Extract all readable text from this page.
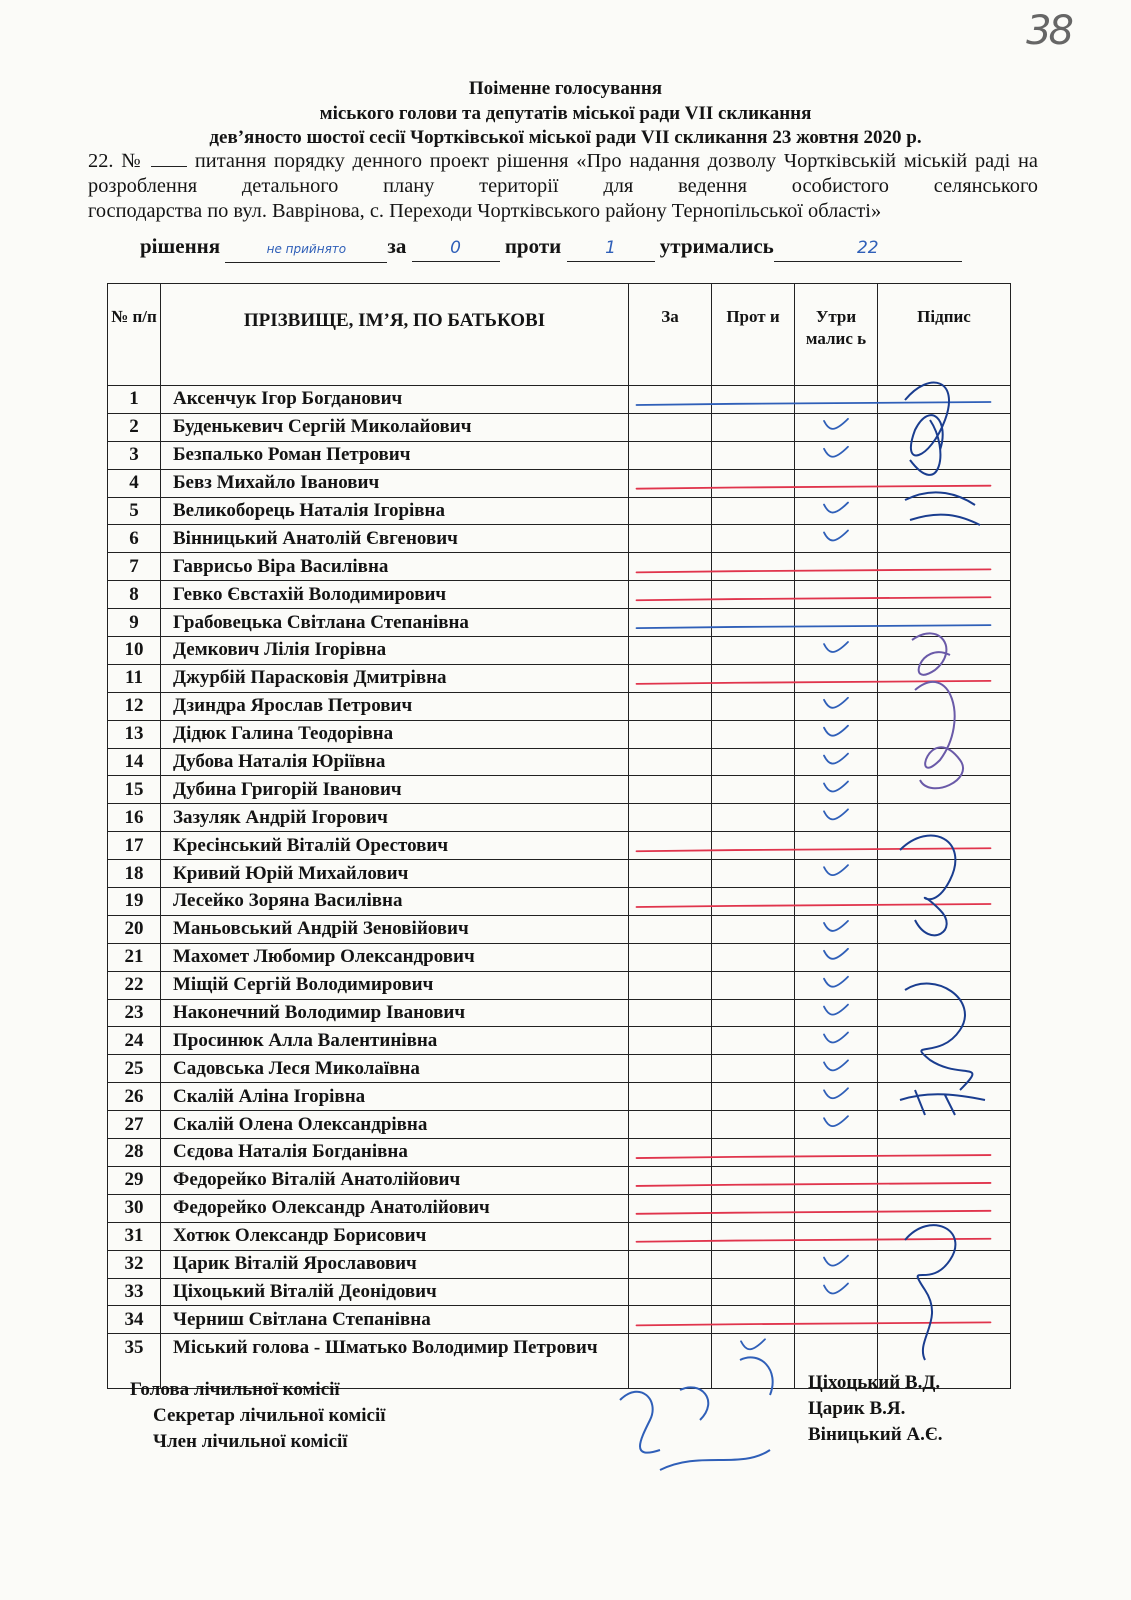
38
Поіменне голосування
міського голови та депутатів міської ради VII скликання
дев’яносто шостої сесії Чортківської міської ради VII скликання 23 жовтня 2020 р.
22. №  питання порядку денного проект рішення «Про надання дозволу Чортківській міській раді на розроблення детального плану території для ведення особистого селянського
господарства по вул. Ваврінова, с. Переходи Чортківського району Тернопільської області»
рішення	не прийнято за	0 проти	1 утримались	22
№ п/п	ПРІЗВИЩЕ, ІМ’Я, ПО БАТЬКОВІ	За	Прот и	Утри малис ь	Підпис
1	Аксенчук Ігор Богданович				
2	Буденькевич Сергій Миколайович				
3	Безпалько Роман Петрович				
4	Бевз Михайло Іванович				
5	Великоборець Наталія Ігорівна				
6	Вінницький Анатолій Євгенович				
7	Гаврисьо Віра Василівна				
8	Гевко Євстахій Володимирович				
9	Грабовецька Світлана Степанівна				
10	Демкович Лілія Ігорівна				
11	Джурбій Парасковія Дмитрівна				
12	Дзиндра Ярослав Петрович				
13	Дідюк Галина Теодорівна				
14	Дубова Наталія Юріївна				
15	Дубина Григорій Іванович				
16	Зазуляк Андрій Ігорович				
17	Кресінський Віталій Орестович				
18	Кривий Юрій Михайлович				
19	Лесейко Зоряна Василівна				
20	Маньовський Андрій Зеновійович				
21	Махомет Любомир Олександрович				
22	Міщій Сергій Володимирович				
23	Наконечний Володимир Іванович				
24	Просинюк Алла Валентинівна				
25	Садовська Леся Миколаївна				
26	Скалій Аліна Ігорівна				
27	Скалій Олена Олександрівна				
28	Сєдова Наталія Богданівна				
29	Федорейко Віталій Анатолійович				
30	Федорейко Олександр Анатолійович				
31	Хотюк Олександр Борисович				
32	Царик Віталій Ярославович				
33	Ціхоцький Віталій Деонідович				
34	Черниш Світлана Степанівна				
35	Міський голова - Шматько Володимир Петрович				
Голова лічильної комісії
Секретар лічильної комісії
Член лічильної комісії
Ціхоцький В.Д.
Царик В.Я.
Віницький А.Є.
